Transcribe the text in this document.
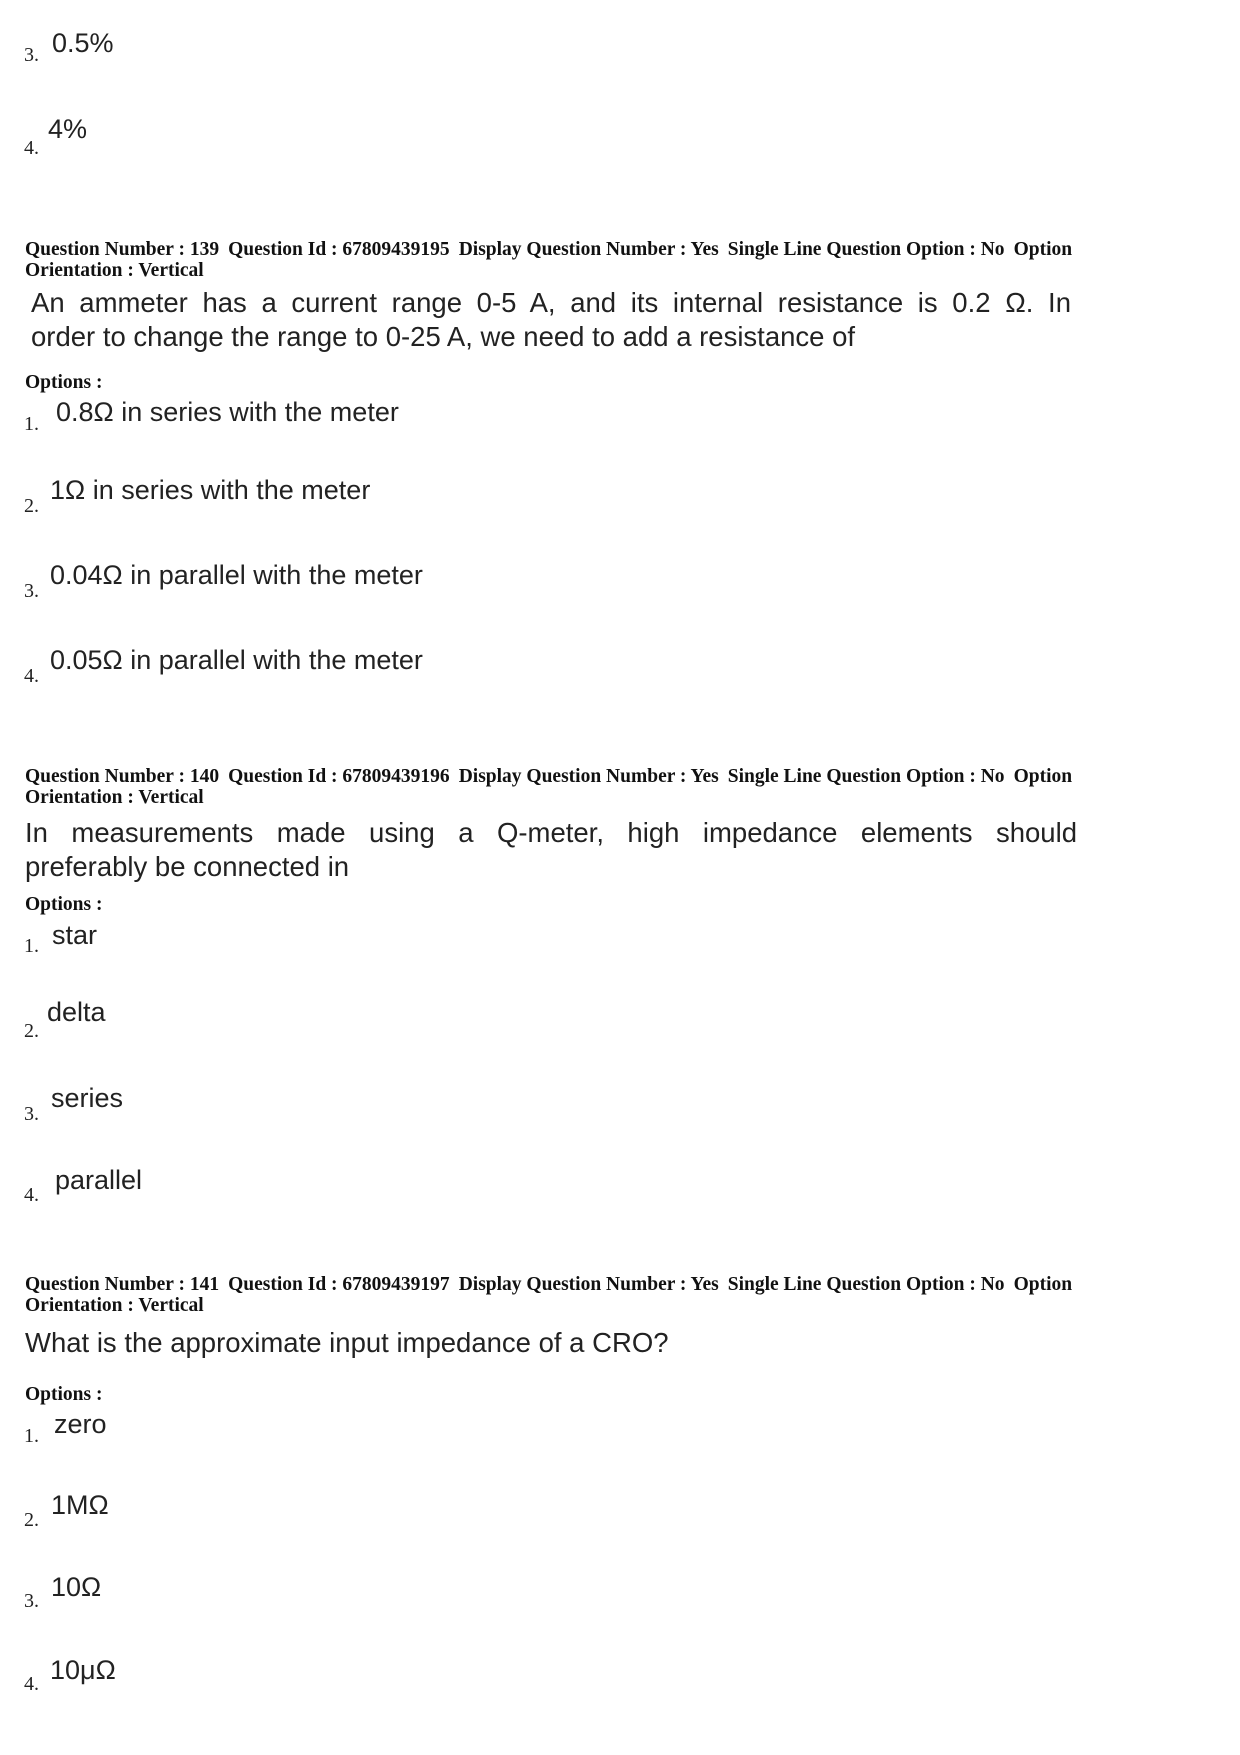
3. 0.5%
4.
4%
Question Number : 139 Question Id : 67809439195 Display Question Number : Yes Single Line Question Option : No Option
Orientation : Vertical
An ammeter has a current range 0-5 A, and its internal resistance is 0.2 Ω. In
order to change the range to 0-25 A, we need to add a resistance of
Options :
1. 0.8Ω in series with the meter
2.
1Ω in series with the meter
3.
0.04Ω in parallel with the meter
4.
0.05Ω in parallel with the meter
Question Number : 140 Question Id : 67809439196 Display Question Number : Yes Single Line Question Option : No Option
Orientation : Vertical
In measurements made using a Q-meter, high impedance elements should
preferably be connected in
Options :
1. star
2.
delta
3.
series
4. parallel
Question Number : 141 Question Id : 67809439197 Display Question Number : Yes Single Line Question Option : No Option
Orientation : Vertical
What is the approximate input impedance of a CRO?
Options :
1. zero
2. 1MΩ
3. 10Ω
4. 10μΩ
